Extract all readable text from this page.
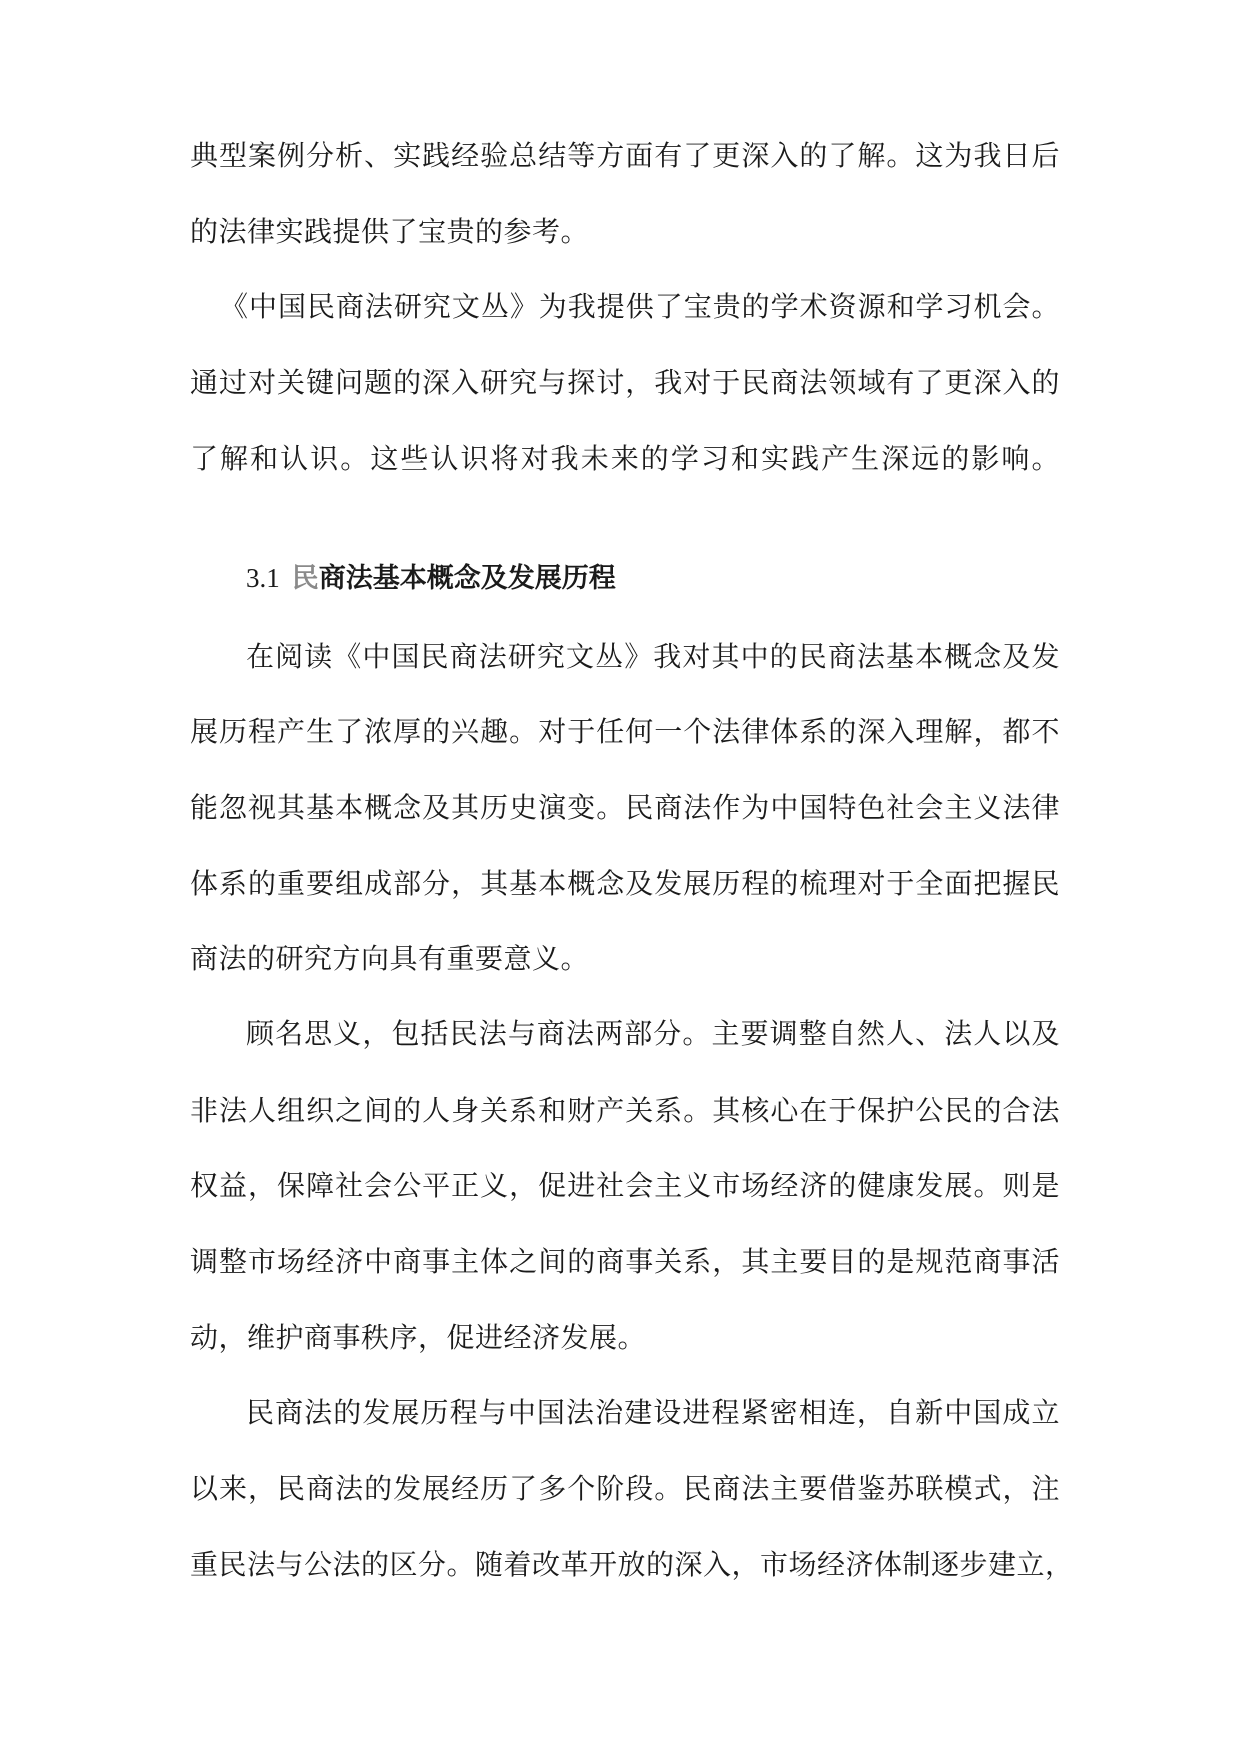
典型案例分析、实践经验总结等方面有了更深入的了解。这为我日后
的法律实践提供了宝贵的参考。
《中国民商法研究文丛》为我提供了宝贵的学术资源和学习机会。
通过对关键问题的深入研究与探讨，我对于民商法领域有了更深入的
了解和认识。这些认识将对我未来的学习和实践产生深远的影响。
3.1 民商法基本概念及发展历程
在阅读《中国民商法研究文丛》我对其中的民商法基本概念及发
展历程产生了浓厚的兴趣。对于任何一个法律体系的深入理解，都不
能忽视其基本概念及其历史演变。民商法作为中国特色社会主义法律
体系的重要组成部分，其基本概念及发展历程的梳理对于全面把握民
商法的研究方向具有重要意义。
顾名思义，包括民法与商法两部分。主要调整自然人、法人以及
非法人组织之间的人身关系和财产关系。其核心在于保护公民的合法
权益，保障社会公平正义，促进社会主义市场经济的健康发展。则是
调整市场经济中商事主体之间的商事关系，其主要目的是规范商事活
动，维护商事秩序，促进经济发展。
民商法的发展历程与中国法治建设进程紧密相连，自新中国成立
以来，民商法的发展经历了多个阶段。民商法主要借鉴苏联模式，注
重民法与公法的区分。随着改革开放的深入，市场经济体制逐步建立，
